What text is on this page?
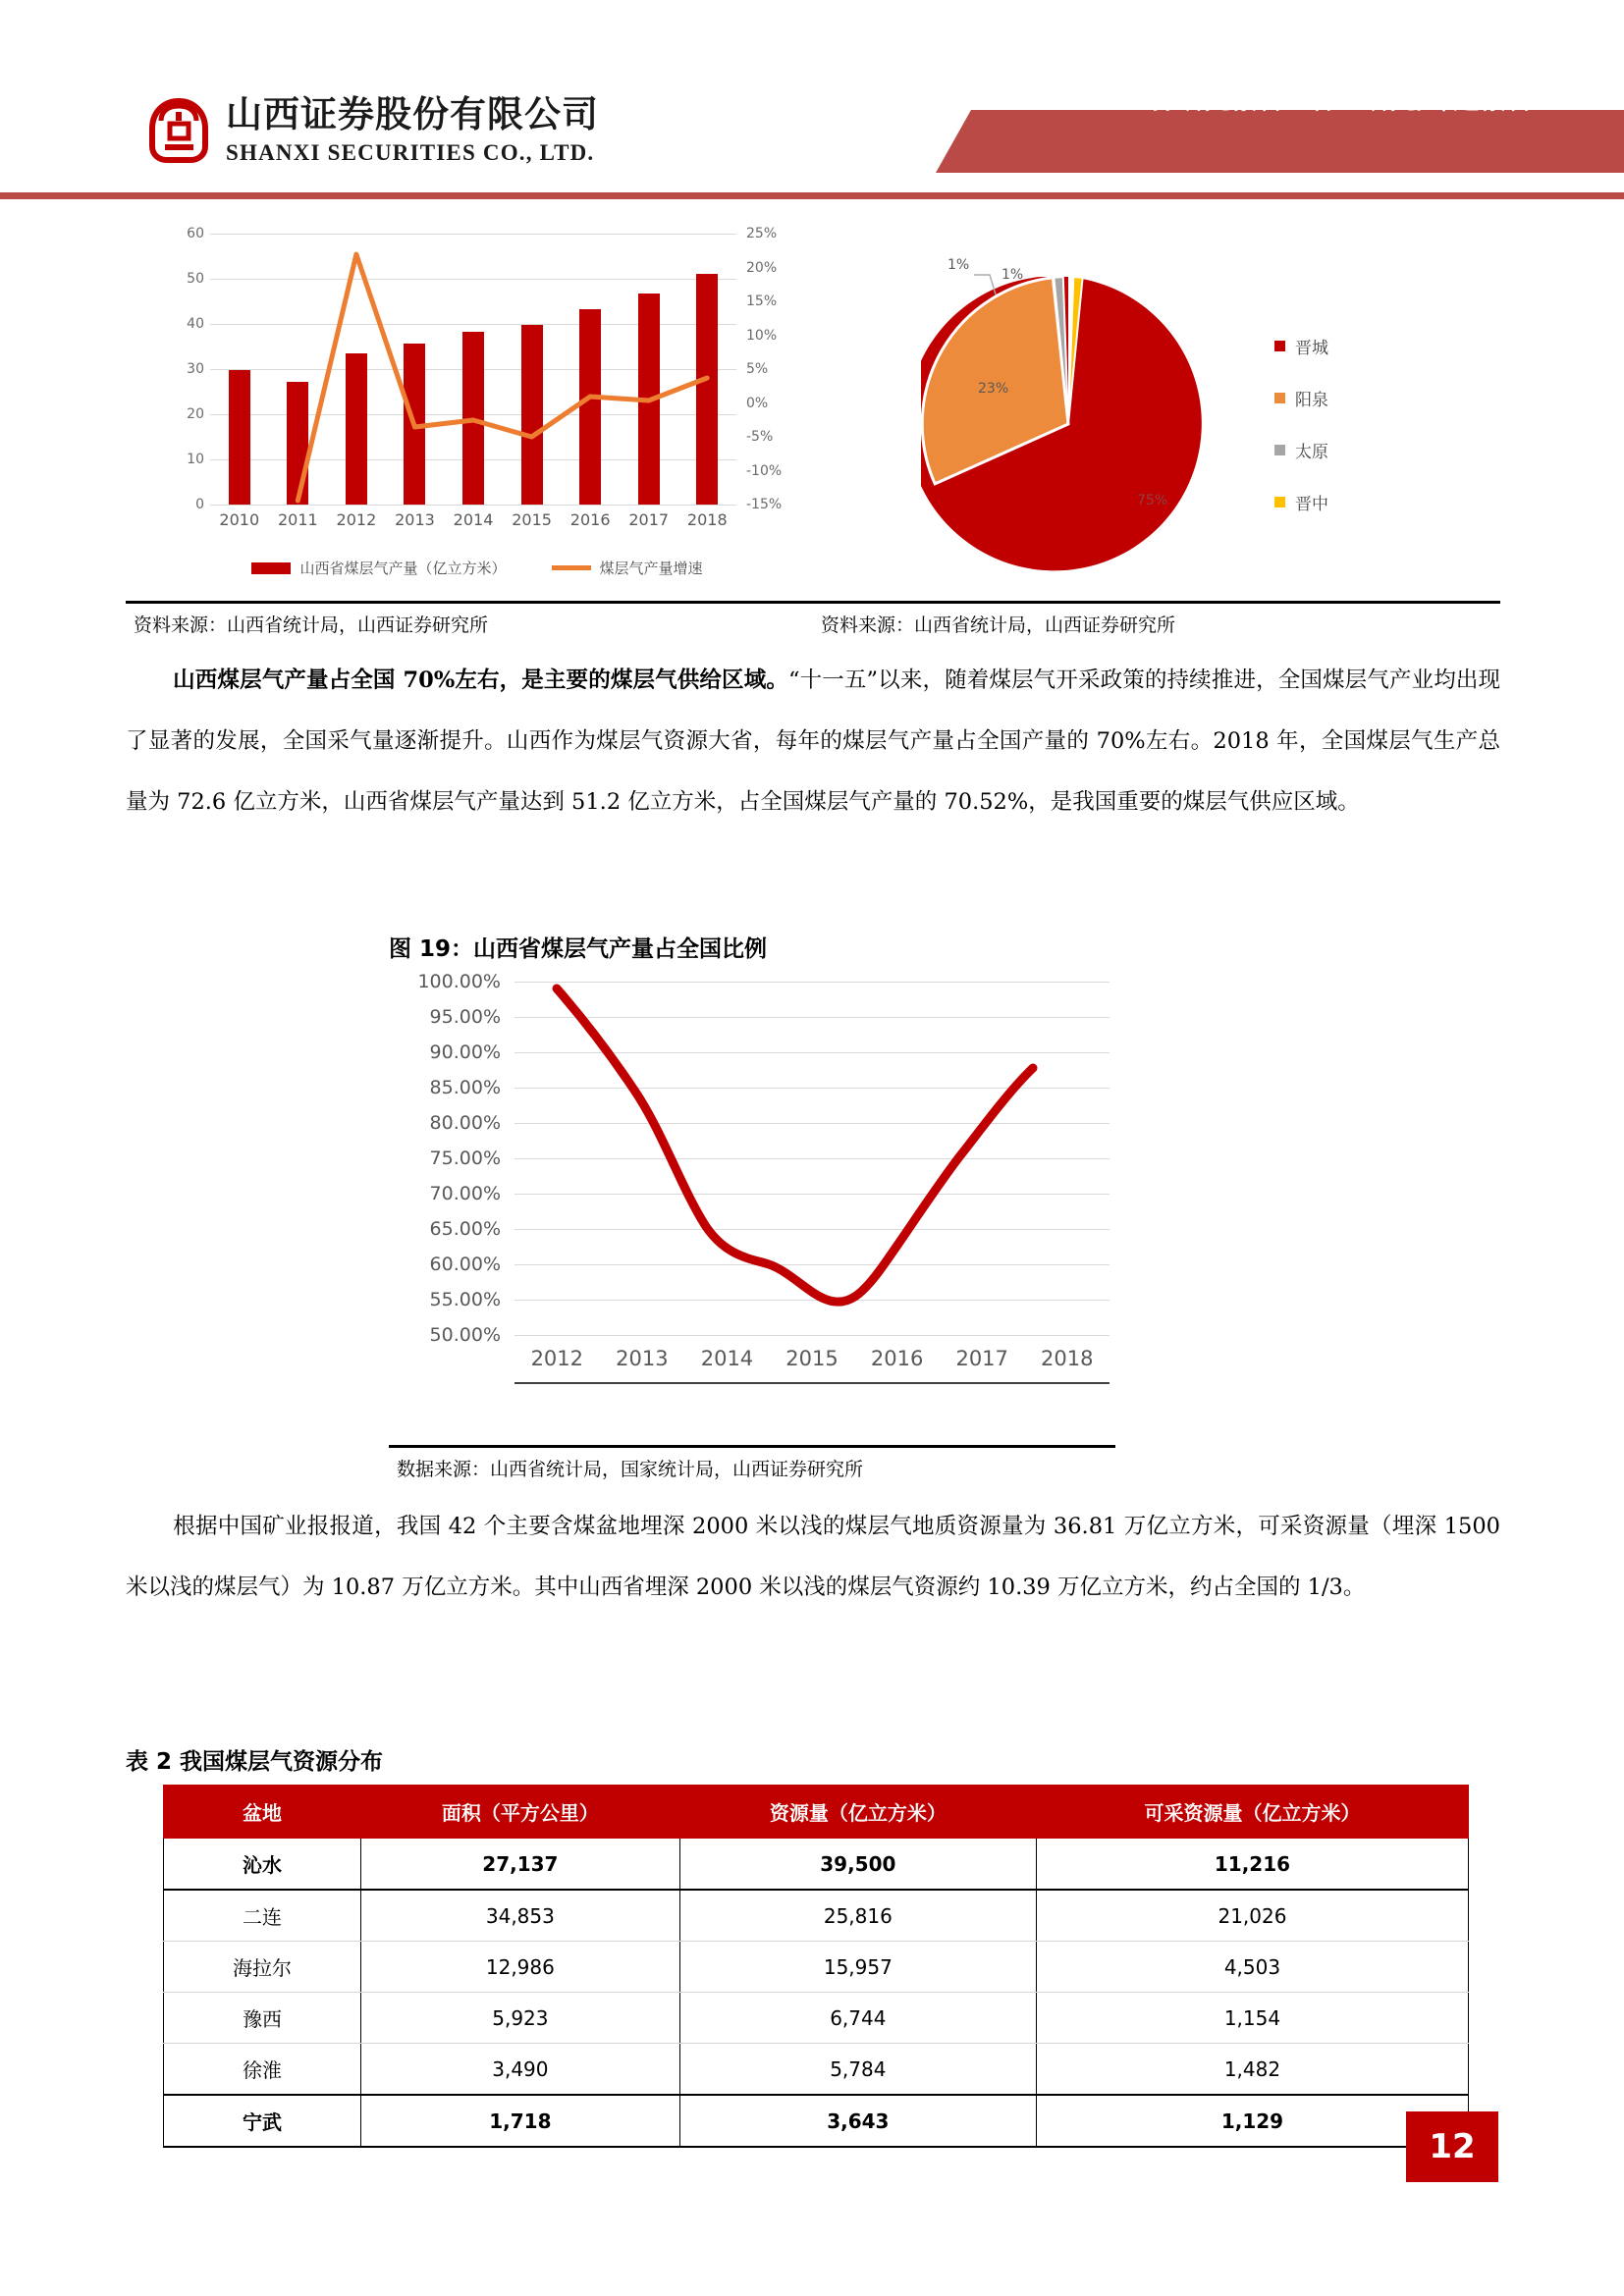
山西证券股份有限公司
SHANXI SECURITIES CO., LTD.
证券研究报告：行业研究/专题报告
60
50
40
30
20
10
0
25%
20%
15%
10%
5%
0%
-5%
-10%
-15%
2010	2011	2012	2013	2014	2015	2016	2017	2018
山西省煤层气产量（亿立方米）	煤层气产量增速
1%
1%
23%
75%
晋城
阳泉
太原
晋中
资料来源：山西省统计局，山西证券研究所	资料来源：山西省统计局，山西证券研究所

山西煤层气产量占全国 70%左右，是主要的煤层气供给区域。“十一五”以来，随着煤层气开采政策的持续推进，全国煤层气产业均出现了显著的发展，全国采气量逐渐提升。山西作为煤层气资源大省，每年的煤层气产量占全国产量的 70%左右。2018 年，全国煤层气生产总量为 72.6 亿立方米，山西省煤层气产量达到 51.2 亿立方米，占全国煤层气产量的 70.52%，是我国重要的煤层气供应区域。

图 19：山西省煤层气产量占全国比例
100.00%
95.00%
90.00%
85.00%
80.00%
75.00%
70.00%
65.00%
60.00%
55.00%
50.00%
2012	2013	2014	2015	2016	2017	2018
数据来源：山西省统计局，国家统计局，山西证券研究所

根据中国矿业报报道，我国 42 个主要含煤盆地埋深 2000 米以浅的煤层气地质资源量为 36.81 万亿立方米，可采资源量（埋深 1500 米以浅的煤层气）为 10.87 万亿立方米。其中山西省埋深 2000 米以浅的煤层气资源约 10.39 万亿立方米，约占全国的 1/3。

表 2 我国煤层气资源分布
盆地	面积（平方公里）	资源量（亿立方米）	可采资源量（亿立方米）
沁水	27,137	39,500	11,216
二连	34,853	25,816	21,026
海拉尔	12,986	15,957	4,503
豫西	5,923	6,744	1,154
徐淮	3,490	5,784	1,482
宁武	1,718	3,643	1,129
12
